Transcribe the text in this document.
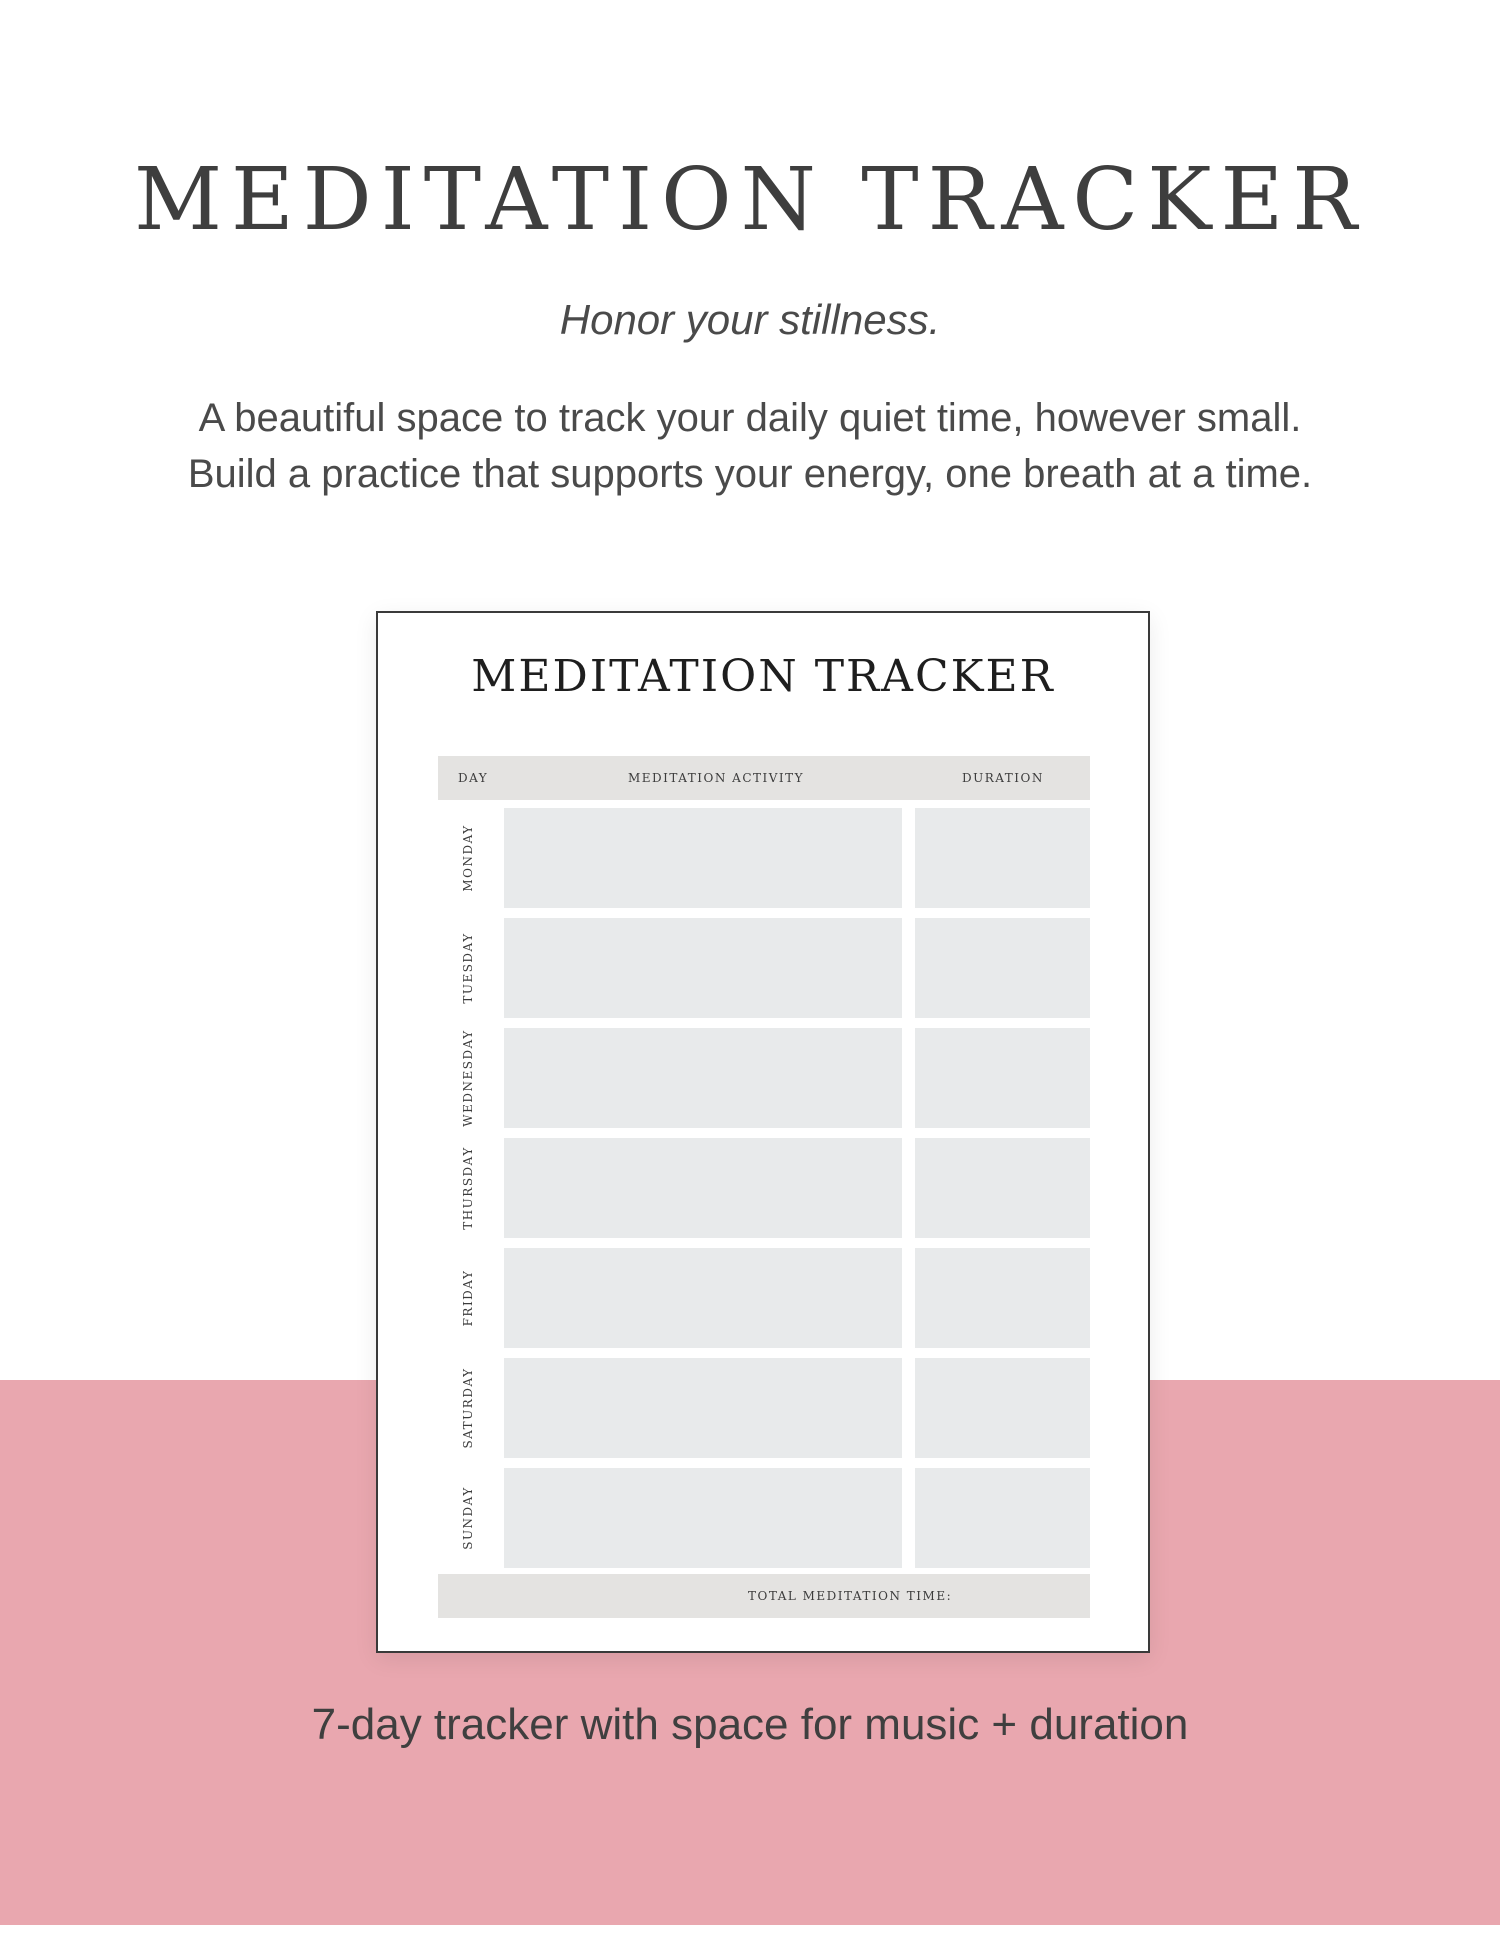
MEDITATION TRACKER
Honor your stillness.
A beautiful space to track your daily quiet time, however small.
Build a practice that supports your energy, one breath at a time.
MEDITATION TRACKER
DAY	MEDITATION ACTIVITY	DURATION
MONDAY
TUESDAY
WEDNESDAY
THURSDAY
FRIDAY
SATURDAY
SUNDAY
TOTAL MEDITATION TIME:
7-day tracker with space for music + duration
